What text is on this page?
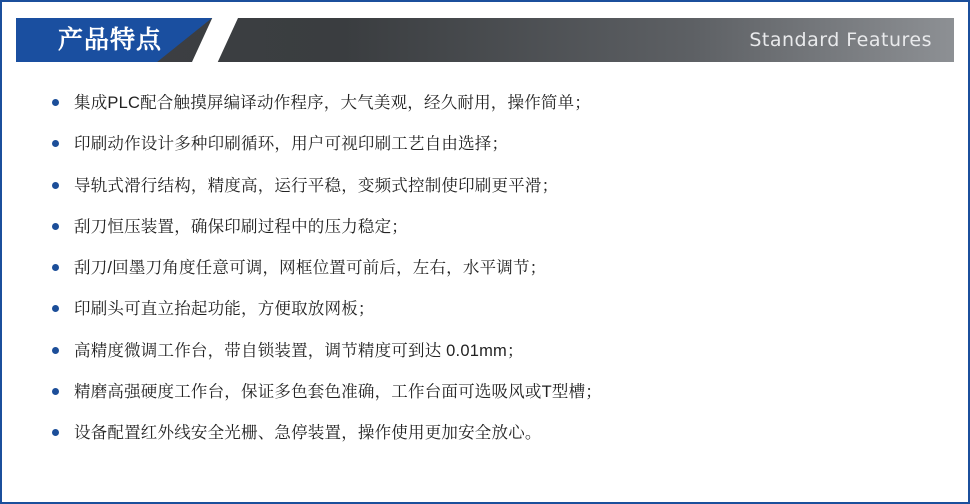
产品特点	Standard Features
集成PLC配合触摸屏编译动作程序，大气美观，经久耐用，操作简单；
印刷动作设计多种印刷循环，用户可视印刷工艺自由选择；
导轨式滑行结构，精度高，运行平稳，变频式控制使印刷更平滑；
刮刀恒压装置，确保印刷过程中的压力稳定；
刮刀/回墨刀角度任意可调，网框位置可前后，左右，水平调节；
印刷头可直立抬起功能，方便取放网板；
高精度微调工作台，带自锁装置，调节精度可到达 0.01mm；
精磨高强硬度工作台，保证多色套色准确，工作台面可选吸风或T型槽；
设备配置红外线安全光栅、急停装置，操作使用更加安全放心。
